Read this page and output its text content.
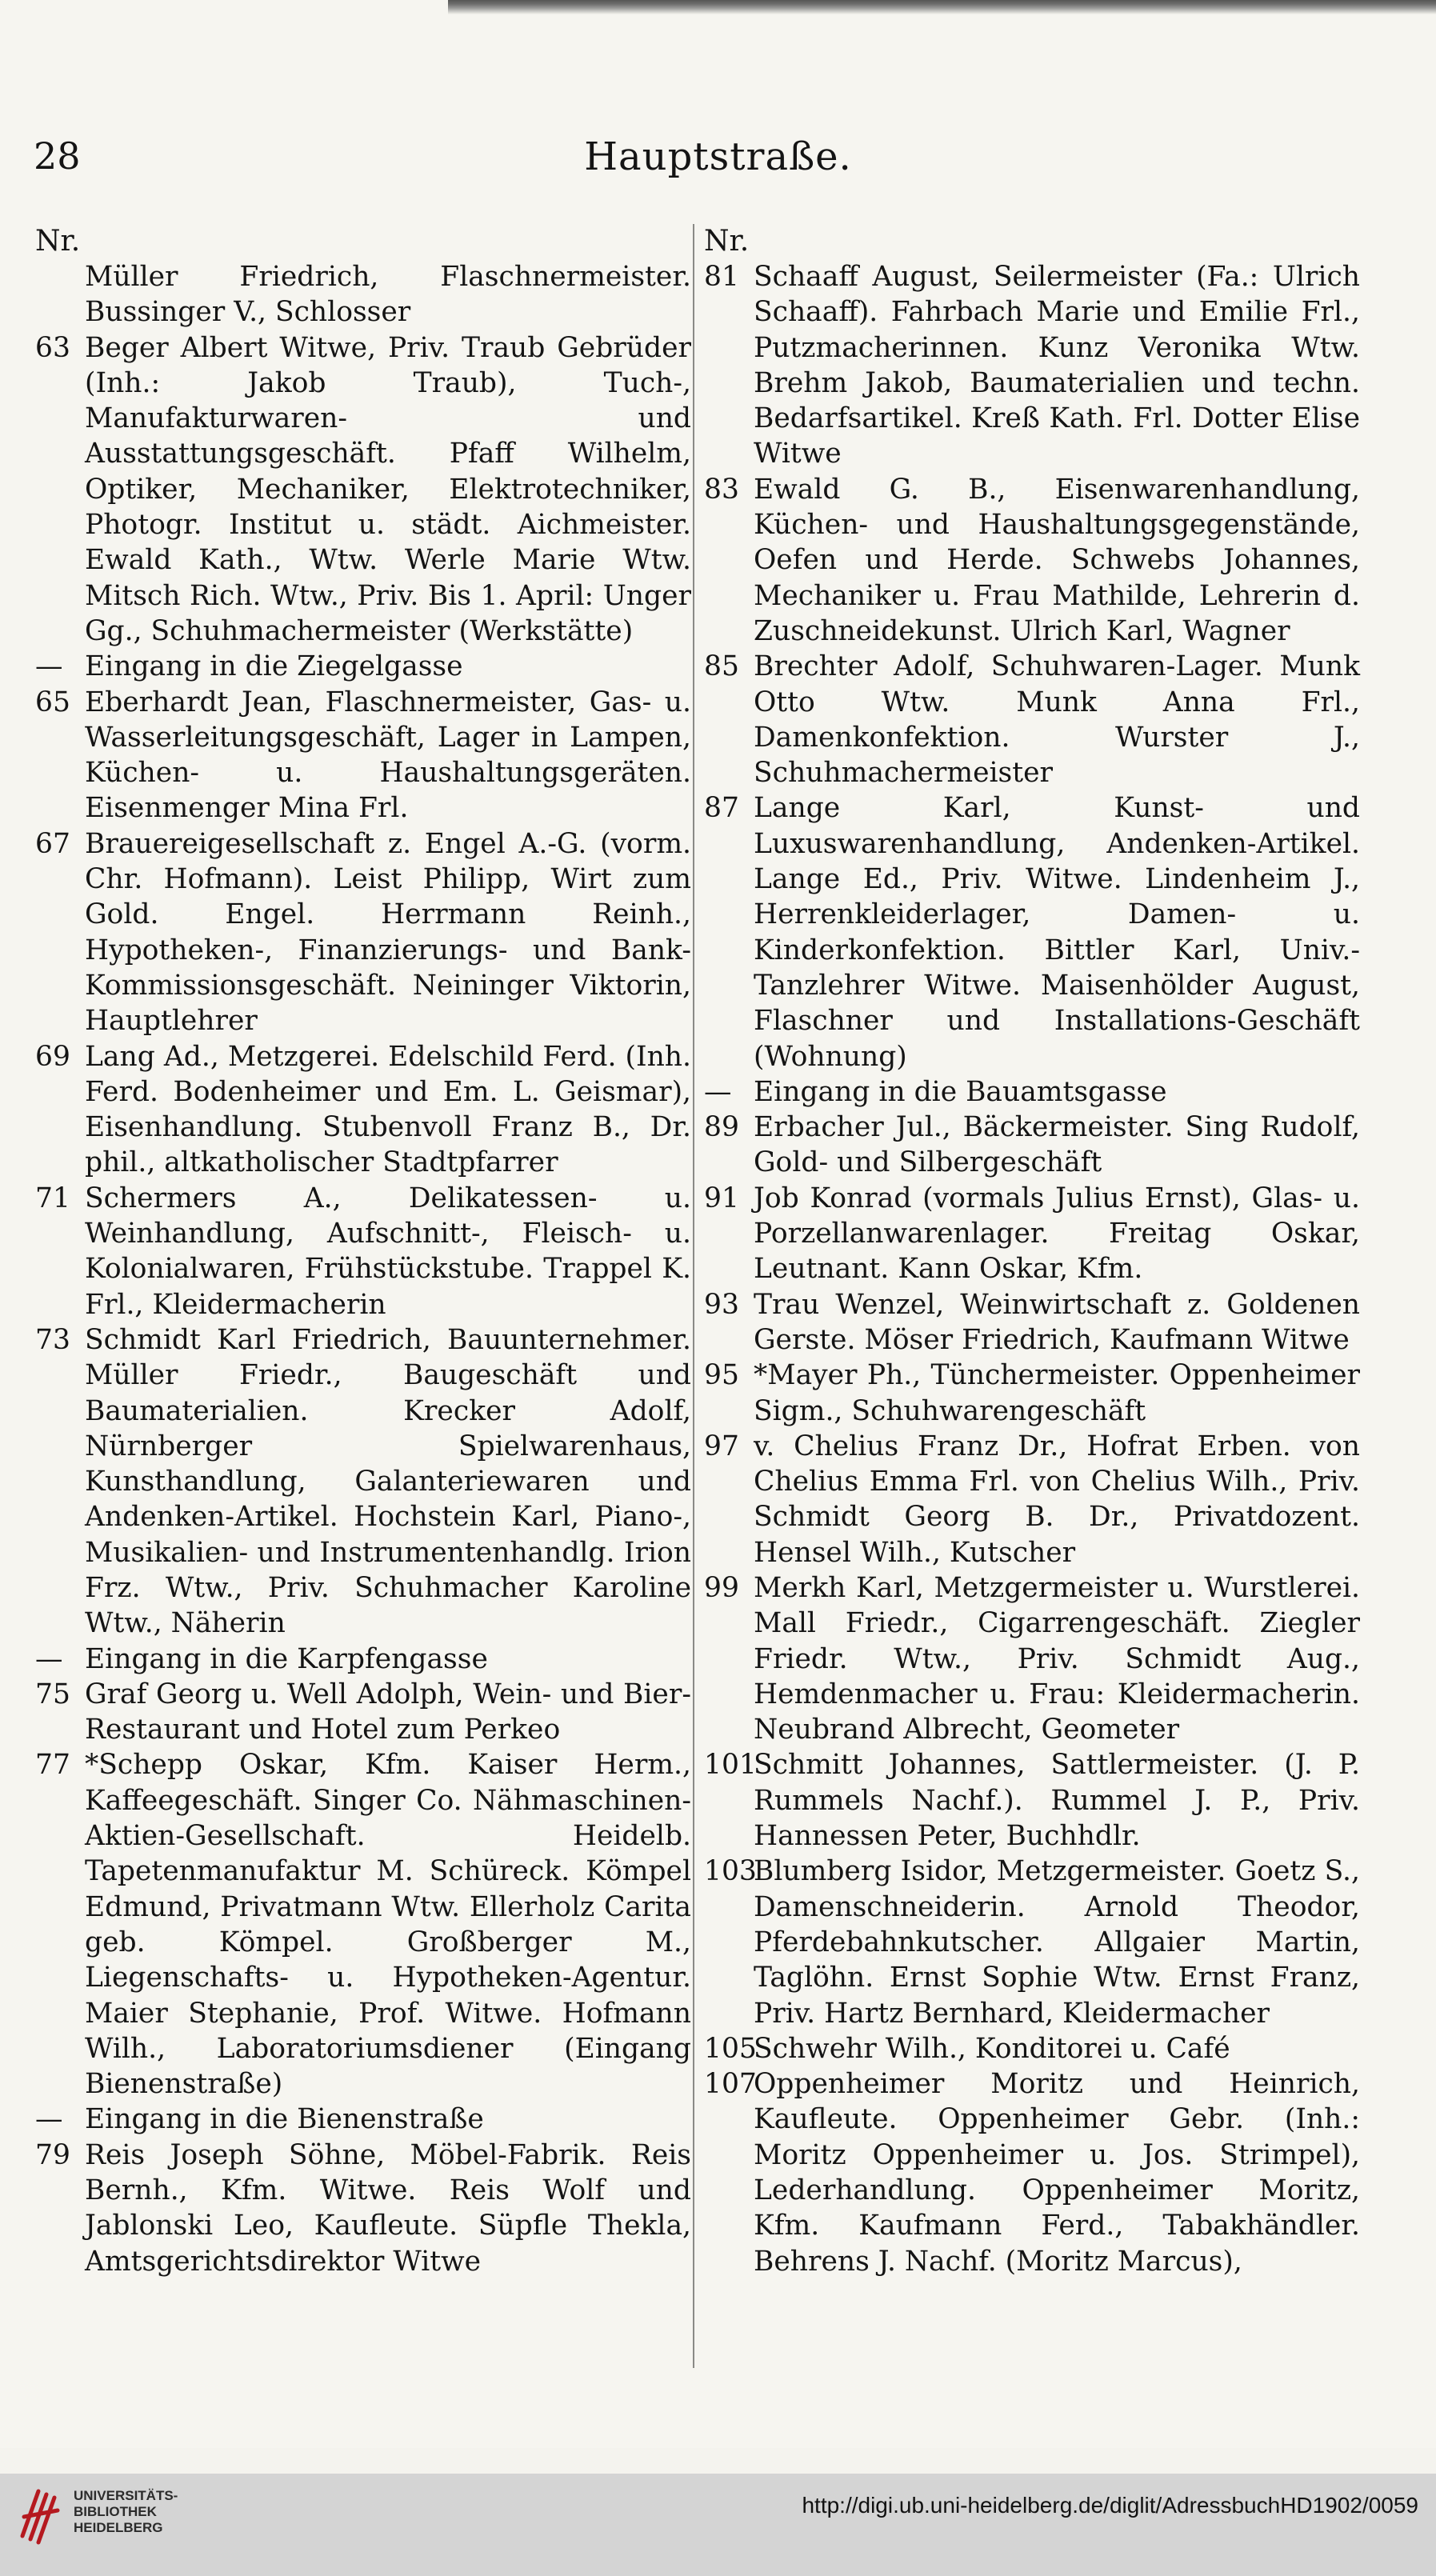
28	Hauptstraße.
Nr.
Müller Friedrich, Flaschnermeister. Bussinger V., Schlosser
63 Beger Albert Witwe, Priv. Traub Gebrüder (Inh.: Jakob Traub), Tuch-, Manufakturwaren- und Ausstattungsgeschäft. Pfaff Wilhelm, Optiker, Mechaniker, Elektrotechniker, Photogr. Institut u. städt. Aichmeister. Ewald Kath., Wtw. Werle Marie Wtw. Mitsch Rich. Wtw., Priv. Bis 1. April: Unger Gg., Schuhmachermeister (Werkstätte)
— Eingang in die Ziegelgasse
65 Eberhardt Jean, Flaschnermeister, Gas- u. Wasserleitungsgeschäft, Lager in Lampen, Küchen- u. Haushaltungsgeräten. Eisenmenger Mina Frl.
67 Brauereigesellschaft z. Engel A.-G. (vorm. Chr. Hofmann). Leist Philipp, Wirt zum Gold. Engel. Herrmann Reinh., Hypotheken-, Finanzierungs- und Bank-Kommissionsgeschäft. Neininger Viktorin, Hauptlehrer
69 Lang Ad., Metzgerei. Edelschild Ferd. (Inh. Ferd. Bodenheimer und Em. L. Geismar), Eisenhandlung. Stubenvoll Franz B., Dr. phil., altkatholischer Stadtpfarrer
71 Schermers A., Delikatessen- u. Weinhandlung, Aufschnitt-, Fleisch- u. Kolonialwaren, Frühstückstube. Trappel K. Frl., Kleidermacherin
73 Schmidt Karl Friedrich, Bauunternehmer. Müller Friedr., Baugeschäft und Baumaterialien. Krecker Adolf, Nürnberger Spielwarenhaus, Kunsthandlung, Galanteriewaren und Andenken-Artikel. Hochstein Karl, Piano-, Musikalien- und Instrumentenhandlg. Irion Frz. Wtw., Priv. Schuhmacher Karoline Wtw., Näherin
— Eingang in die Karpfengasse
75 Graf Georg u. Well Adolph, Wein- und Bier-Restaurant und Hotel zum Perkeo
77 *Schepp Oskar, Kfm. Kaiser Herm., Kaffeegeschäft. Singer Co. Nähmaschinen-Aktien-Gesellschaft. Heidelb. Tapetenmanufaktur M. Schüreck. Kömpel Edmund, Privatmann Wtw. Ellerholz Carita geb. Kömpel. Großberger M., Liegenschafts- u. Hypotheken-Agentur. Maier Stephanie, Prof. Witwe. Hofmann Wilh., Laboratoriumsdiener (Eingang Bienenstraße)
— Eingang in die Bienenstraße
79 Reis Joseph Söhne, Möbel-Fabrik. Reis Bernh., Kfm. Witwe. Reis Wolf und Jablonski Leo, Kaufleute. Süpfle Thekla, Amtsgerichtsdirektor Witwe
Nr.
81 Schaaff August, Seilermeister (Fa.: Ulrich Schaaff). Fahrbach Marie und Emilie Frl., Putzmacherinnen. Kunz Veronika Wtw. Brehm Jakob, Baumaterialien und techn. Bedarfsartikel. Kreß Kath. Frl. Dotter Elise Witwe
83 Ewald G. B., Eisenwarenhandlung, Küchen- und Haushaltungsgegenstände, Oefen und Herde. Schwebs Johannes, Mechaniker u. Frau Mathilde, Lehrerin d. Zuschneidekunst. Ulrich Karl, Wagner
85 Brechter Adolf, Schuhwaren-Lager. Munk Otto Wtw. Munk Anna Frl., Damenkonfektion. Wurster J., Schuhmachermeister
87 Lange Karl, Kunst- und Luxuswarenhandlung, Andenken-Artikel. Lange Ed., Priv. Witwe. Lindenheim J., Herrenkleiderlager, Damen- u. Kinderkonfektion. Bittler Karl, Univ.-Tanzlehrer Witwe. Maisenhölder August, Flaschner und Installations-Geschäft (Wohnung)
— Eingang in die Bauamtsgasse
89 Erbacher Jul., Bäckermeister. Sing Rudolf, Gold- und Silbergeschäft
91 Job Konrad (vormals Julius Ernst), Glas- u. Porzellanwarenlager. Freitag Oskar, Leutnant. Kann Oskar, Kfm.
93 Trau Wenzel, Weinwirtschaft z. Goldenen Gerste. Möser Friedrich, Kaufmann Witwe
95 *Mayer Ph., Tünchermeister. Oppenheimer Sigm., Schuhwarengeschäft
97 v. Chelius Franz Dr., Hofrat Erben. von Chelius Emma Frl. von Chelius Wilh., Priv. Schmidt Georg B. Dr., Privatdozent. Hensel Wilh., Kutscher
99 Merkh Karl, Metzgermeister u. Wurstlerei. Mall Friedr., Cigarrengeschäft. Ziegler Friedr. Wtw., Priv. Schmidt Aug., Hemdenmacher u. Frau: Kleidermacherin. Neubrand Albrecht, Geometer
101
Schmitt Johannes, Sattlermeister. (J. P. Rummels Nachf.). Rummel J. P., Priv. Hannessen Peter, Buchhdlr.
103
Blumberg Isidor, Metzgermeister. Goetz S., Damenschneiderin. Arnold Theodor, Pferdebahnkutscher. Allgaier Martin, Taglöhn. Ernst Sophie Wtw. Ernst Franz, Priv. Hartz Bernhard, Kleidermacher
105
Schwehr Wilh., Konditorei u. Café
107
Oppenheimer Moritz und Heinrich, Kaufleute. Oppenheimer Gebr. (Inh.: Moritz Oppenheimer u. Jos. Strimpel), Lederhandlung. Oppenheimer Moritz, Kfm. Kaufmann Ferd., Tabakhändler. Behrens J. Nachf. (Moritz Marcus),
UNIVERSITÄTS-
BIBLIOTHEK
HEIDELBERG
http://digi.ub.uni-heidelberg.de/diglit/AdressbuchHD1902/0059
